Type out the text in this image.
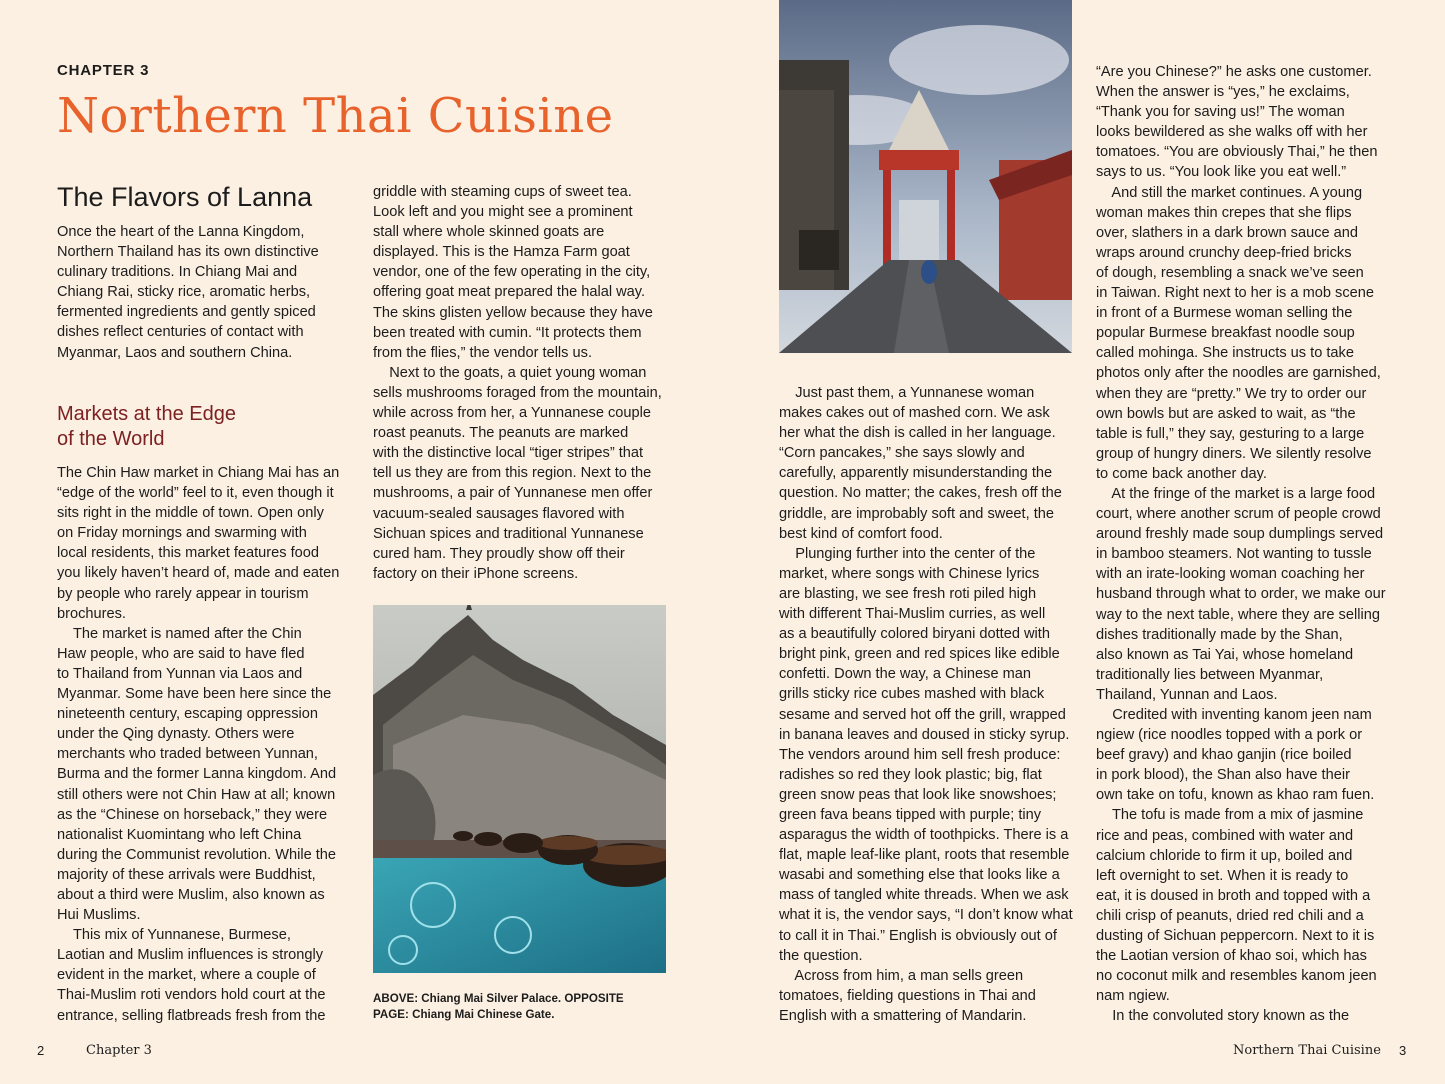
CHAPTER 3
Northern Thai Cuisine
The Flavors of Lanna
Once the heart of the Lanna Kingdom,
Northern Thailand has its own distinctive
culinary traditions. In Chiang Mai and
Chiang Rai, sticky rice, aromatic herbs,
fermented ingredients and gently spiced
dishes reflect centuries of contact with
Myanmar, Laos and southern China.
Markets at the Edge
of the World
The Chin Haw market in Chiang Mai has an
“edge of the world” feel to it, even though it
sits right in the middle of town. Open only
on Friday mornings and swarming with
local residents, this market features food
you likely haven’t heard of, made and eaten
by people who rarely appear in tourism
brochures.
The market is named after the Chin
Haw people, who are said to have fled
to Thailand from Yunnan via Laos and
Myanmar. Some have been here since the
nineteenth century, escaping oppression
under the Qing dynasty. Others were
merchants who traded between Yunnan,
Burma and the former Lanna kingdom. And
still others were not Chin Haw at all; known
as the “Chinese on horseback,” they were
nationalist Kuomintang who left China
during the Communist revolution. While the
majority of these arrivals were Buddhist,
about a third were Muslim, also known as
Hui Muslims.
This mix of Yunnanese, Burmese,
Laotian and Muslim influences is strongly
evident in the market, where a couple of
Thai-Muslim roti vendors hold court at the
entrance, selling flatbreads fresh from the
griddle with steaming cups of sweet tea.
Look left and you might see a prominent
stall where whole skinned goats are
displayed. This is the Hamza Farm goat
vendor, one of the few operating in the city,
offering goat meat prepared the halal way.
The skins glisten yellow because they have
been treated with cumin. “It protects them
from the flies,” the vendor tells us.
Next to the goats, a quiet young woman
sells mushrooms foraged from the mountain,
while across from her, a Yunnanese couple
roast peanuts. The peanuts are marked
with the distinctive local “tiger stripes” that
tell us they are from this region. Next to the
mushrooms, a pair of Yunnanese men offer
vacuum-sealed sausages flavored with
Sichuan spices and traditional Yunnanese
cured ham. They proudly show off their
factory on their iPhone screens.
ABOVE: Chiang Mai Silver Palace. OPPOSITE
PAGE: Chiang Mai Chinese Gate.
2	Chapter 3
Just past them, a Yunnanese woman
makes cakes out of mashed corn. We ask
her what the dish is called in her language.
“Corn pancakes,” she says slowly and
carefully, apparently misunderstanding the
question. No matter; the cakes, fresh off the
griddle, are improbably soft and sweet, the
best kind of comfort food.
Plunging further into the center of the
market, where songs with Chinese lyrics
are blasting, we see fresh roti piled high
with different Thai-Muslim curries, as well
as a beautifully colored biryani dotted with
bright pink, green and red spices like edible
confetti. Down the way, a Chinese man
grills sticky rice cubes mashed with black
sesame and served hot off the grill, wrapped
in banana leaves and doused in sticky syrup.
The vendors around him sell fresh produce:
radishes so red they look plastic; big, flat
green snow peas that look like snowshoes;
green fava beans tipped with purple; tiny
asparagus the width of toothpicks. There is a
flat, maple leaf-like plant, roots that resemble
wasabi and something else that looks like a
mass of tangled white threads. When we ask
what it is, the vendor says, “I don’t know what
to call it in Thai.” English is obviously out of
the question.
Across from him, a man sells green
tomatoes, fielding questions in Thai and
English with a smattering of Mandarin.
“Are you Chinese?” he asks one customer.
When the answer is “yes,” he exclaims,
“Thank you for saving us!” The woman
looks bewildered as she walks off with her
tomatoes. “You are obviously Thai,” he then
says to us. “You look like you eat well.”
And still the market continues. A young
woman makes thin crepes that she flips
over, slathers in a dark brown sauce and
wraps around crunchy deep-fried bricks
of dough, resembling a snack we’ve seen
in Taiwan. Right next to her is a mob scene
in front of a Burmese woman selling the
popular Burmese breakfast noodle soup
called mohinga. She instructs us to take
photos only after the noodles are garnished,
when they are “pretty.” We try to order our
own bowls but are asked to wait, as “the
table is full,” they say, gesturing to a large
group of hungry diners. We silently resolve
to come back another day.
At the fringe of the market is a large food
court, where another scrum of people crowd
around freshly made soup dumplings served
in bamboo steamers. Not wanting to tussle
with an irate-looking woman coaching her
husband through what to order, we make our
way to the next table, where they are selling
dishes traditionally made by the Shan,
also known as Tai Yai, whose homeland
traditionally lies between Myanmar,
Thailand, Yunnan and Laos.
Credited with inventing kanom jeen nam
ngiew (rice noodles topped with a pork or
beef gravy) and khao ganjin (rice boiled
in pork blood), the Shan also have their
own take on tofu, known as khao ram fuen.
The tofu is made from a mix of jasmine
rice and peas, combined with water and
calcium chloride to firm it up, boiled and
left overnight to set. When it is ready to
eat, it is doused in broth and topped with a
chili crisp of peanuts, dried red chili and a
dusting of Sichuan peppercorn. Next to it is
the Laotian version of khao soi, which has
no coconut milk and resembles kanom jeen
nam ngiew.
In the convoluted story known as the
Northern Thai Cuisine 3
